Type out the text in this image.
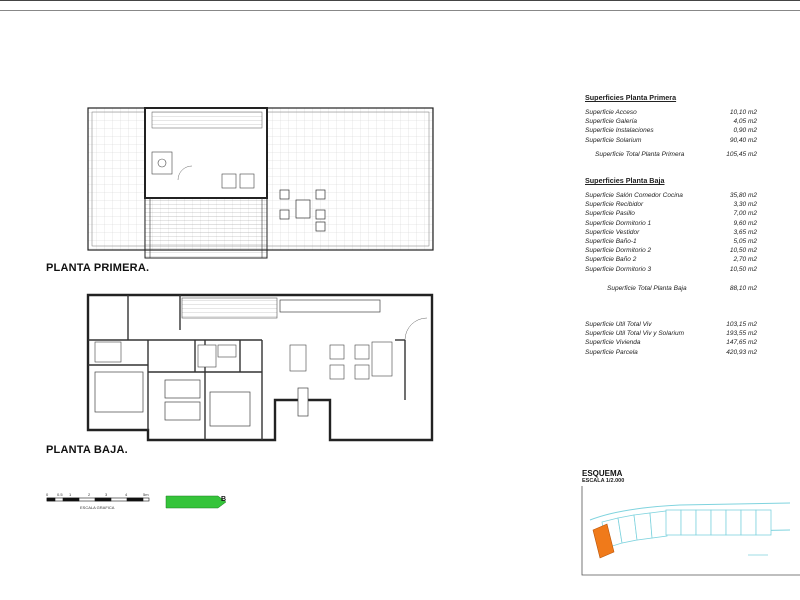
PLANTA PRIMERA.
PLANTA BAJA.
0 0.5 1	2	3	4	5m
ESCALA GRAFICA
B
Superficies Planta Primera
Superficie Acceso	10,10 m2
Superficie Galería	4,05 m2
Superficie Instalaciones	0,90 m2
Superficie Solarium	90,40 m2
Superficie Total Planta Primera	105,45 m2
Superficies Planta Baja
Superficie Salón Comedor Cocina	35,80 m2
Superficie Recibidor	3,30 m2
Superficie Pasillo	7,00 m2
Superficie Dormitorio 1	9,60 m2
Superficie Vestidor	3,65 m2
Superficie Baño-1	5,05 m2
Superficie Dormitorio 2	10,50 m2
Superficie Baño 2	2,70 m2
Superficie Dormitorio 3	10,50 m2
Superficie Total Planta Baja	88,10 m2
Superficie Util Total Viv	103,15 m2
Superficie Util Total Viv y Solarium	193,55 m2
Superficie Vivienda	147,65 m2
Superficie Parcela	420,93 m2
ESQUEMA
ESCALA 1/2.000
